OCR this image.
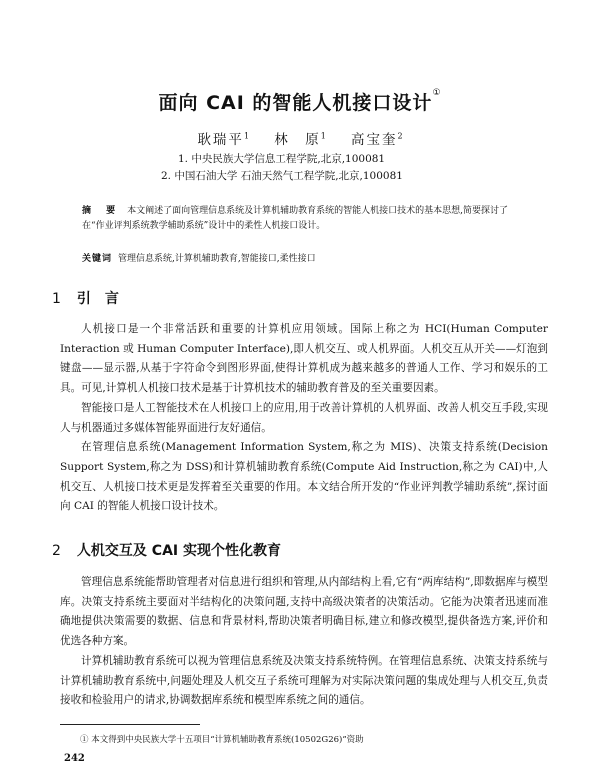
面向 CAI 的智能人机接口设计①
耿瑞平$^1$ 林　原$^1$ 高宝奎$^2$
1. 中央民族大学信息工程学院,北京,100081
2. 中国石油大学 石油天然气工程学院,北京,100081
摘 要 本文阐述了面向管理信息系统及计算机辅助教育系统的智能人机接口技术的基本思想,简要探讨了在“作业评判系统教学辅助系统”设计中的柔性人机接口设计。
关键词 管理信息系统,计算机辅助教育,智能接口,柔性接口
1 引言

人机接口是一个非常活跃和重要的计算机应用领域。国际上称之为 HCI(Human Computer Interaction 或 Human Computer Interface),即人机交互、或人机界面。人机交互从开关——灯泡到键盘——显示器,从基于字符命令到图形界面,使得计算机成为越来越多的普通人工作、学习和娱乐的工具。可见,计算机人机接口技术是基于计算机技术的辅助教育普及的至关重要因素。

智能接口是人工智能技术在人机接口上的应用,用于改善计算机的人机界面、改善人机交互手段,实现人与机器通过多媒体智能界面进行友好通信。

在管理信息系统(Management Information System,称之为 MIS)、决策支持系统(Decision Support System,称之为 DSS)和计算机辅助教育系统(Compute Aid Instruction,称之为 CAI)中,人机交互、人机接口技术更是发挥着至关重要的作用。本文结合所开发的“作业评判教学辅助系统”,探讨面向 CAI 的智能人机接口设计技术。

2 人机交互及 CAI 实现个性化教育

管理信息系统能帮助管理者对信息进行组织和管理,从内部结构上看,它有“两库结构”,即数据库与模型库。决策支持系统主要面对半结构化的决策问题,支持中高级决策者的决策活动。它能为决策者迅速而准确地提供决策需要的数据、信息和背景材料,帮助决策者明确目标,建立和修改模型,提供备选方案,评价和优选各种方案。

计算机辅助教育系统可以视为管理信息系统及决策支持系统特例。在管理信息系统、决策支持系统与计算机辅助教育系统中,问题处理及人机交互子系统可理解为对实际决策问题的集成处理与人机交互,负责接收和检验用户的请求,协调数据库系统和模型库系统之间的通信。

① 本文得到中央民族大学十五项目“计算机辅助教育系统(10502G26)”资助
242
